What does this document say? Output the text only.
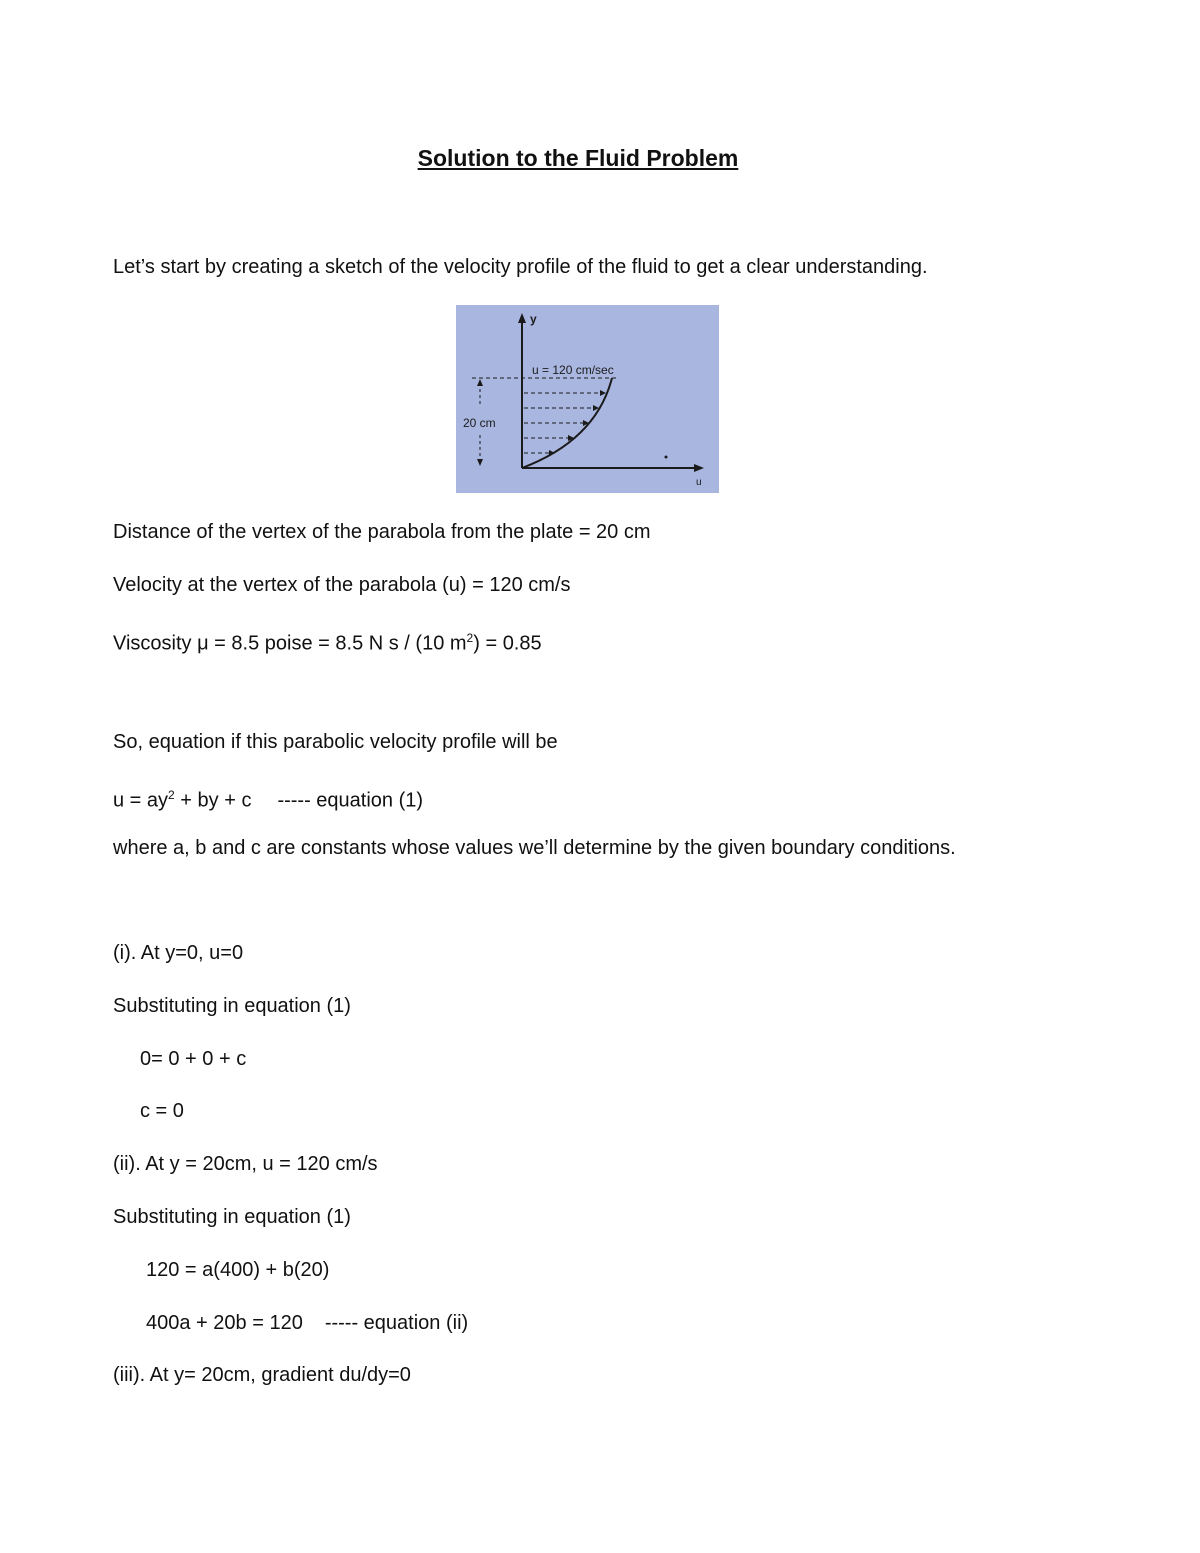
Solution to the Fluid Problem
Let’s start by creating a sketch of the velocity profile of the fluid to get a clear understanding.
y
u
u = 120 cm/sec
20 cm
Distance of the vertex of the parabola from the plate = 20 cm
Velocity at the vertex of the parabola (u) = 120 cm/s
Viscosity μ = 8.5 poise = 8.5 N s / (10 $m^2) = 0.85$
So, equation if this parabolic velocity profile will be
$u = ay^2$ + by + c ----- equation (1)
where a, b and c are constants whose values we’ll determine by the given boundary conditions.
(i). At y=0, u=0
Substituting in equation (1)
0= 0 + 0 + c
c = 0
(ii). At y = 20cm, u = 120 cm/s
Substituting in equation (1)
120 = a(400) + b(20)
400a + 20b = 120 ----- equation (ii)
(iii). At y= 20cm, gradient du/dy=0
